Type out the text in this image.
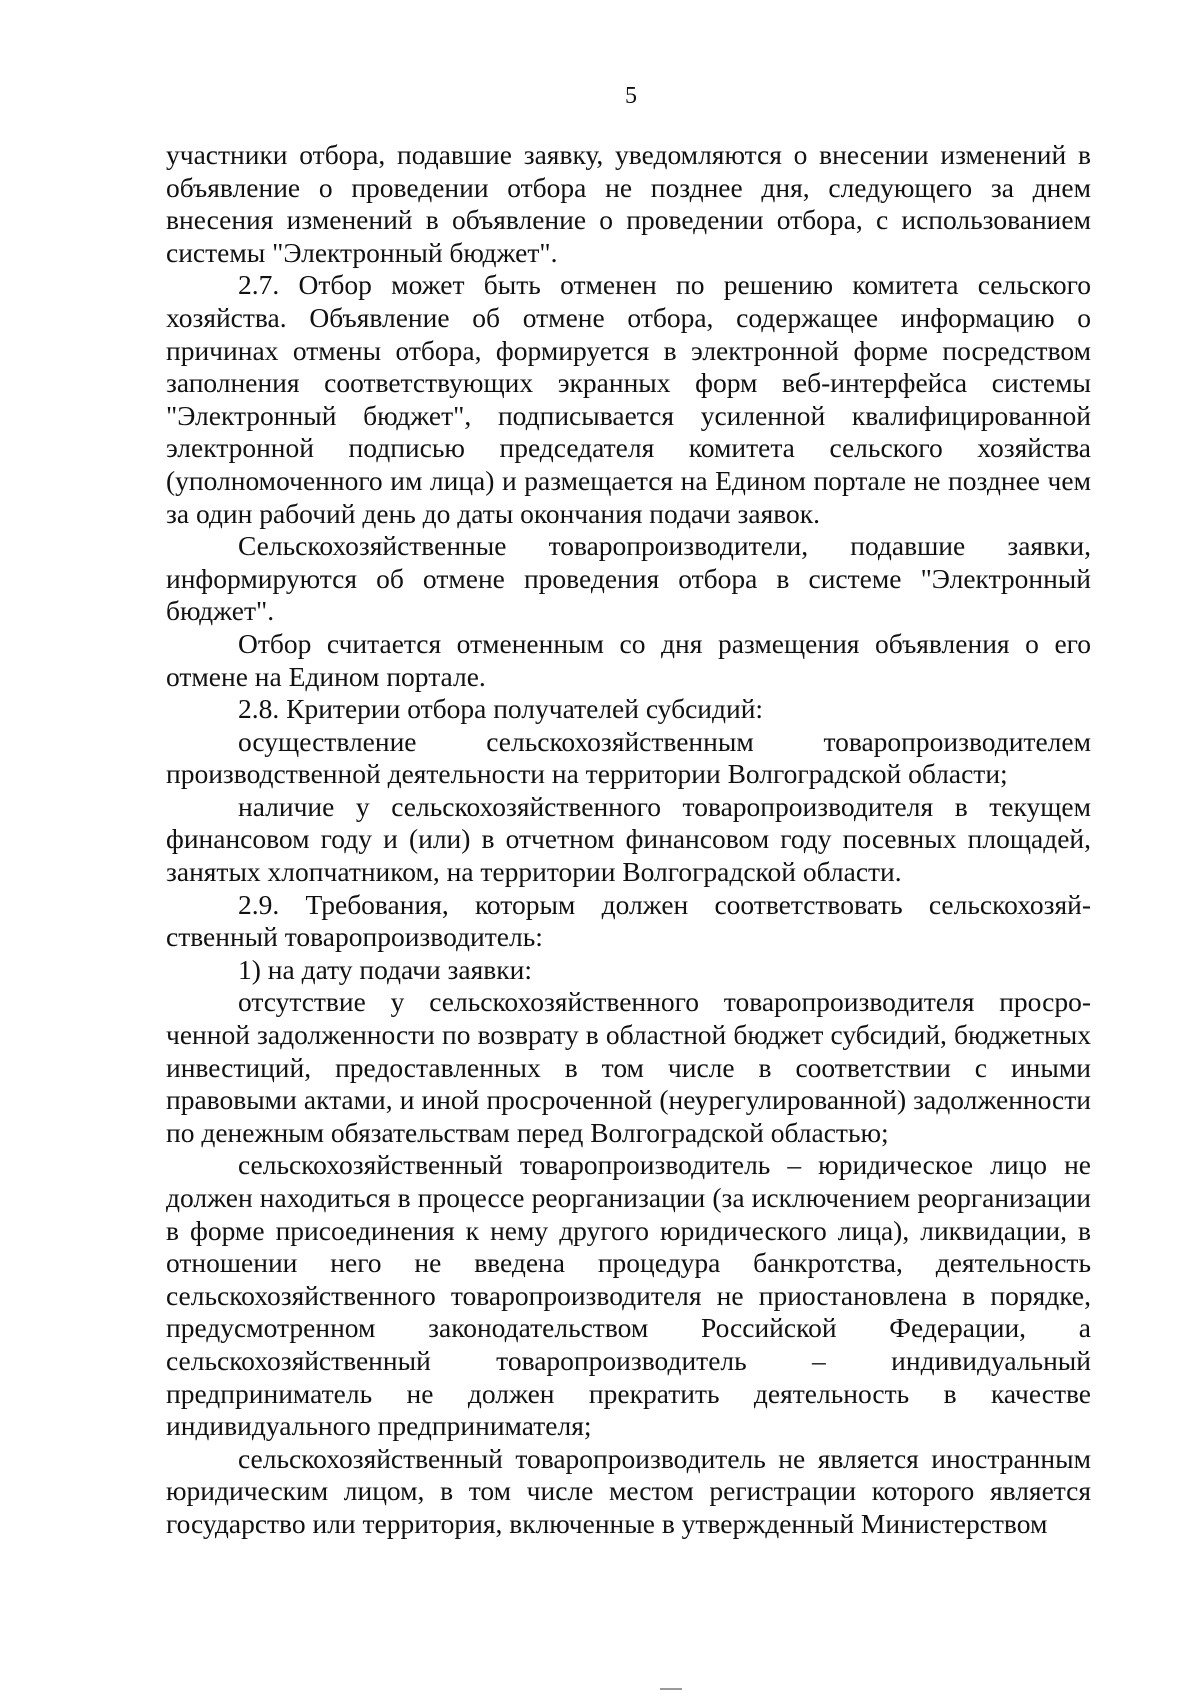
5

участники отбора, подавшие заявку, уведомляются о внесении изменений в объявление о проведении отбора не позднее дня, следующего за днем внесения изменений в объявление о проведении отбора, с использованием системы "Электронный бюджет".

2.7. Отбор может быть отменен по решению комитета сельского хозяйства. Объявление об отмене отбора, содержащее информацию о причинах отмены отбора, формируется в электронной форме посредством заполнения соответствующих экранных форм веб-интерфейса системы "Электронный бюджет", подписывается усиленной квалифицированной электронной подписью председателя комитета сельского хозяйства (уполномоченного им лица) и размещается на Едином портале не позднее чем за один рабочий день до даты окончания подачи заявок.

Сельскохозяйственные товаропроизводители, подавшие заявки, информируются об отмене проведения отбора в системе "Электронный бюджет".

Отбор считается отмененным со дня размещения объявления о его отмене на Едином портале.

2.8. Критерии отбора получателей субсидий:

осуществление сельскохозяйственным товаропроизводителем производственной деятельности на территории Волгоградской области;

наличие у сельскохозяйственного товаропроизводителя в текущем финансовом году и (или) в отчетном финансовом году посевных площадей, занятых хлопчатником, на территории Волгоградской области.

2.9. Требования, которым должен соответствовать сельскохозяйственный товаропроизводитель:

1) на дату подачи заявки:

отсутствие у сельскохозяйственного товаропроизводителя просроченной задолженности по возврату в областной бюджет субсидий, бюджетных инвестиций, предоставленных в том числе в соответствии с иными правовыми актами, и иной просроченной (неурегулированной) задолженности по денежным обязательствам перед Волгоградской областью;

сельскохозяйственный товаропроизводитель – юридическое лицо не должен находиться в процессе реорганизации (за исключением реорганизации в форме присоединения к нему другого юридического лица), ликвидации, в отношении него не введена процедура банкротства, деятельность сельскохозяйственного товаропроизводителя не приостановлена в порядке, предусмотренном законодательством Российской Федерации, а сельскохозяйственный товаропроизводитель – индивидуальный предприниматель не должен прекратить деятельность в качестве индивидуального предпринимателя;

сельскохозяйственный товаропроизводитель не является иностранным юридическим лицом, в том числе местом регистрации которого является государство или территория, включенные в утвержденный Министерством
